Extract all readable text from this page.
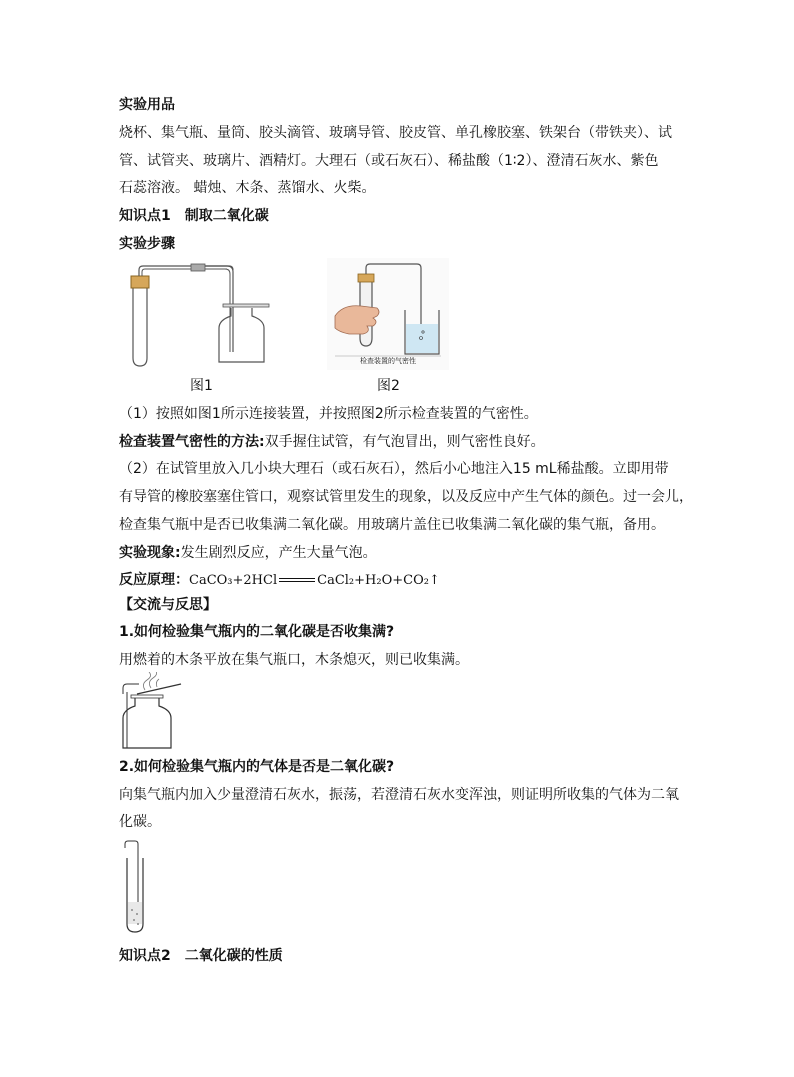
实验用品
烧杯、集气瓶、量筒、胶头滴管、玻璃导管、胶皮管、单孔橡胶塞、铁架台（带铁夹）、试
管、试管夹、玻璃片、酒精灯。大理石（或石灰石）、稀盐酸（1∶2）、澄清石灰水、紫色
石蕊溶液。 蜡烛、木条、蒸馏水、火柴。
知识点1　制取二氧化碳
实验步骤
检查装置的气密性
图1	图2
（1）按照如图1所示连接装置，并按照图2所示检查装置的气密性。
检查装置气密性的方法:双手握住试管，有气泡冒出，则气密性良好。
（2）在试管里放入几小块大理石（或石灰石），然后小心地注入15 mL稀盐酸。立即用带
有导管的橡胶塞塞住管口，观察试管里发生的现象，以及反应中产生气体的颜色。过一会儿，
检查集气瓶中是否已收集满二氧化碳。用玻璃片盖住已收集满二氧化碳的集气瓶，备用。
实验现象:发生剧烈反应，产生大量气泡。
反应原理：CaCO₃+2HCl	CaCl₂+H₂O+CO₂↑
【交流与反思】
1.如何检验集气瓶内的二氧化碳是否收集满?
用燃着的木条平放在集气瓶口，木条熄灭，则已收集满。
2.如何检验集气瓶内的气体是否是二氧化碳?
向集气瓶内加入少量澄清石灰水，振荡，若澄清石灰水变浑浊，则证明所收集的气体为二氧
化碳。
知识点2　二氧化碳的性质
